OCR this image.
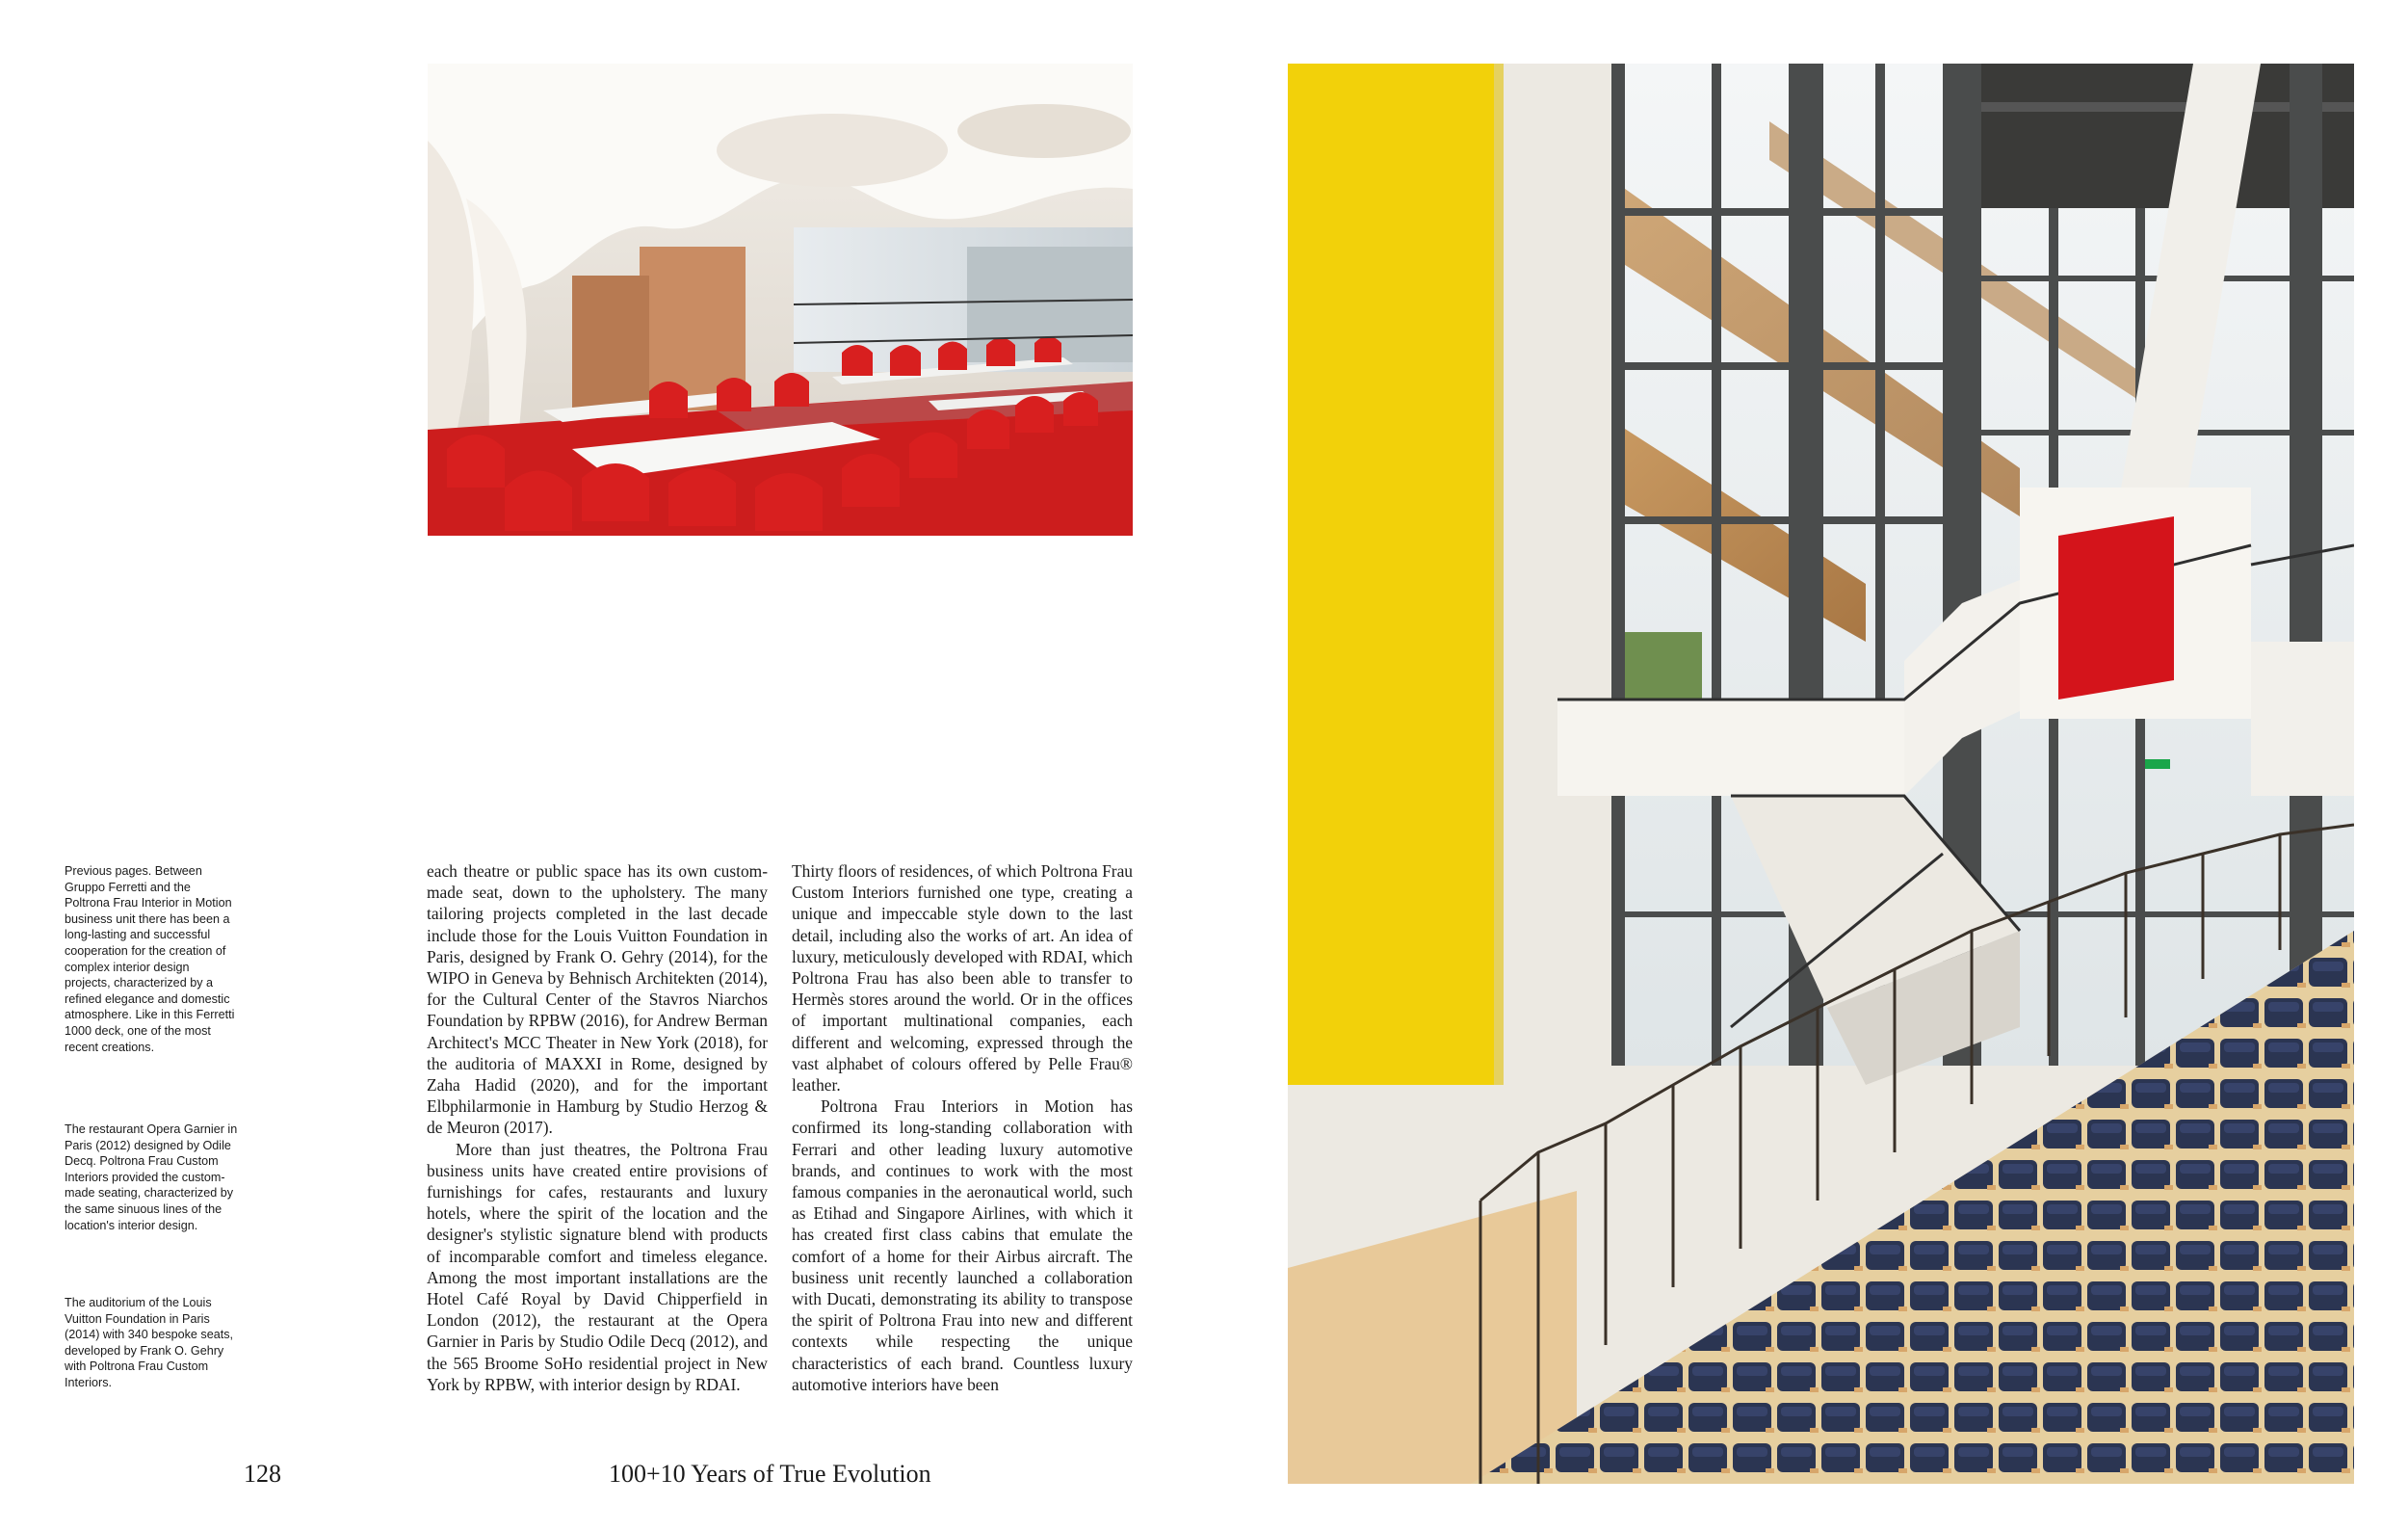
Previous pages. Between Gruppo Ferretti and the Poltrona Frau Interior in Motion business unit there has been a long-lasting and successful cooperation for the creation of complex interior design projects, characterized by a refined elegance and domestic atmosphere. Like in this Ferretti 1000 deck, one of the most recent creations.

The restaurant Opera Garnier in Paris (2012) designed by Odile Decq. Poltrona Frau Custom Interiors provided the custom-made seating, characterized by the same sinuous lines of the location's interior design.

The auditorium of the Louis Vuitton Foundation in Paris (2014) with 340 bespoke seats, developed by Frank O. Gehry with Poltrona Frau Custom Interiors.

each theatre or public space has its own custom-made seat, down to the upholstery. The many tailoring projects completed in the last decade include those for the Louis Vuitton Foundation in Paris, designed by Frank O. Gehry (2014), for the WIPO in Geneva by Behnisch Architekten (2014), for the Cultural Center of the Stavros Niarchos Foundation by RPBW (2016), for Andrew Berman Architect's MCC Theater in New York (2018), for the auditoria of MAXXI in Rome, designed by Zaha Hadid (2020), and for the important Elbphilarmonie in Hamburg by Studio Herzog & de Meuron (2017).

More than just theatres, the Poltrona Frau business units have created entire provisions of furnishings for cafes, restaurants and luxury hotels, where the spirit of the location and the designer's stylistic signature blend with products of incomparable comfort and timeless elegance. Among the most important installations are the Hotel Café Royal by David Chipperfield in London (2012), the restaurant at the Opera Garnier in Paris by Studio Odile Decq (2012), and the 565 Broome SoHo residential project in New York by RPBW, with interior design by RDAI.

Thirty floors of residences, of which Poltrona Frau Custom Interiors furnished one type, creating a unique and impeccable style down to the last detail, including also the works of art. An idea of luxury, meticulously developed with RDAI, which Poltrona Frau has also been able to transfer to Hermès stores around the world. Or in the offices of important multinational companies, each different and welcoming, expressed through the vast alphabet of colours offered by Pelle Frau® leather.

Poltrona Frau Interiors in Motion has confirmed its long-standing collaboration with Ferrari and other leading luxury automotive brands, and continues to work with the most famous companies in the aeronautical world, such as Etihad and Singapore Airlines, with which it has created first class cabins that emulate the comfort of a home for their Airbus aircraft. The business unit recently launched a collaboration with Ducati, demonstrating its ability to transpose the spirit of Poltrona Frau into new and different contexts while respecting the unique characteristics of each brand. Countless luxury automotive interiors have been

128	100+10 Years of True Evolution
